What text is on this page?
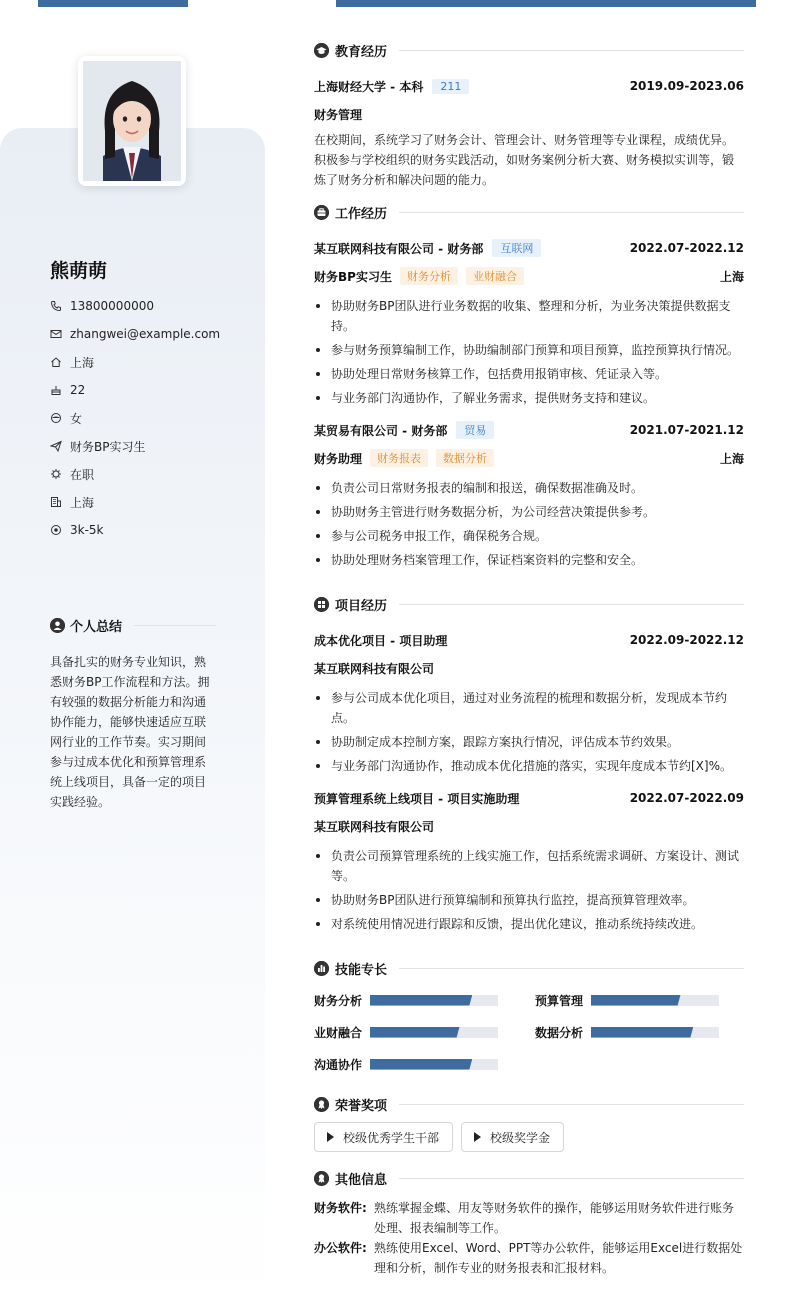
熊萌萌
13800000000
zhangwei@example.com
上海
22
女
财务BP实习生
在职
上海
3k-5k
个人总结
具备扎实的财务专业知识，熟悉财务BP工作流程和方法。拥有较强的数据分析能力和沟通协作能力，能够快速适应互联网行业的工作节奏。实习期间参与过成本优化和预算管理系统上线项目，具备一定的项目实践经验。
教育经历
上海财经大学 - 本科	211	2019.09-2023.06
财务管理
在校期间，系统学习了财务会计、管理会计、财务管理等专业课程，成绩优异。积极参与学校组织的财务实践活动，如财务案例分析大赛、财务模拟实训等，锻炼了财务分析和解决问题的能力。
工作经历
某互联网科技有限公司 - 财务部	互联网	2022.07-2022.12
财务BP实习生	财务分析	业财融合	上海
协助财务BP团队进行业务数据的收集、整理和分析，为业务决策提供数据支持。
参与财务预算编制工作，协助编制部门预算和项目预算，监控预算执行情况。
协助处理日常财务核算工作，包括费用报销审核、凭证录入等。
与业务部门沟通协作，了解业务需求，提供财务支持和建议。
某贸易有限公司 - 财务部	贸易	2021.07-2021.12
财务助理	财务报表	数据分析	上海
负责公司日常财务报表的编制和报送，确保数据准确及时。
协助财务主管进行财务数据分析，为公司经营决策提供参考。
参与公司税务申报工作，确保税务合规。
协助处理财务档案管理工作，保证档案资料的完整和安全。
项目经历
成本优化项目 - 项目助理	2022.09-2022.12
某互联网科技有限公司
参与公司成本优化项目，通过对业务流程的梳理和数据分析，发现成本节约点。
协助制定成本控制方案，跟踪方案执行情况，评估成本节约效果。
与业务部门沟通协作，推动成本优化措施的落实，实现年度成本节约[X]%。
预算管理系统上线项目 - 项目实施助理	2022.07-2022.09
某互联网科技有限公司
负责公司预算管理系统的上线实施工作，包括系统需求调研、方案设计、测试等。
协助财务BP团队进行预算编制和预算执行监控，提高预算管理效率。
对系统使用情况进行跟踪和反馈，提出优化建议，推动系统持续改进。
技能专长
财务分析	预算管理
业财融合	数据分析
沟通协作
荣誉奖项
校级优秀学生干部	校级奖学金
其他信息
财务软件: 熟练掌握金蝶、用友等财务软件的操作，能够运用财务软件进行账务处理、报表编制等工作。
办公软件: 熟练使用Excel、Word、PPT等办公软件，能够运用Excel进行数据处理和分析，制作专业的财务报表和汇报材料。
